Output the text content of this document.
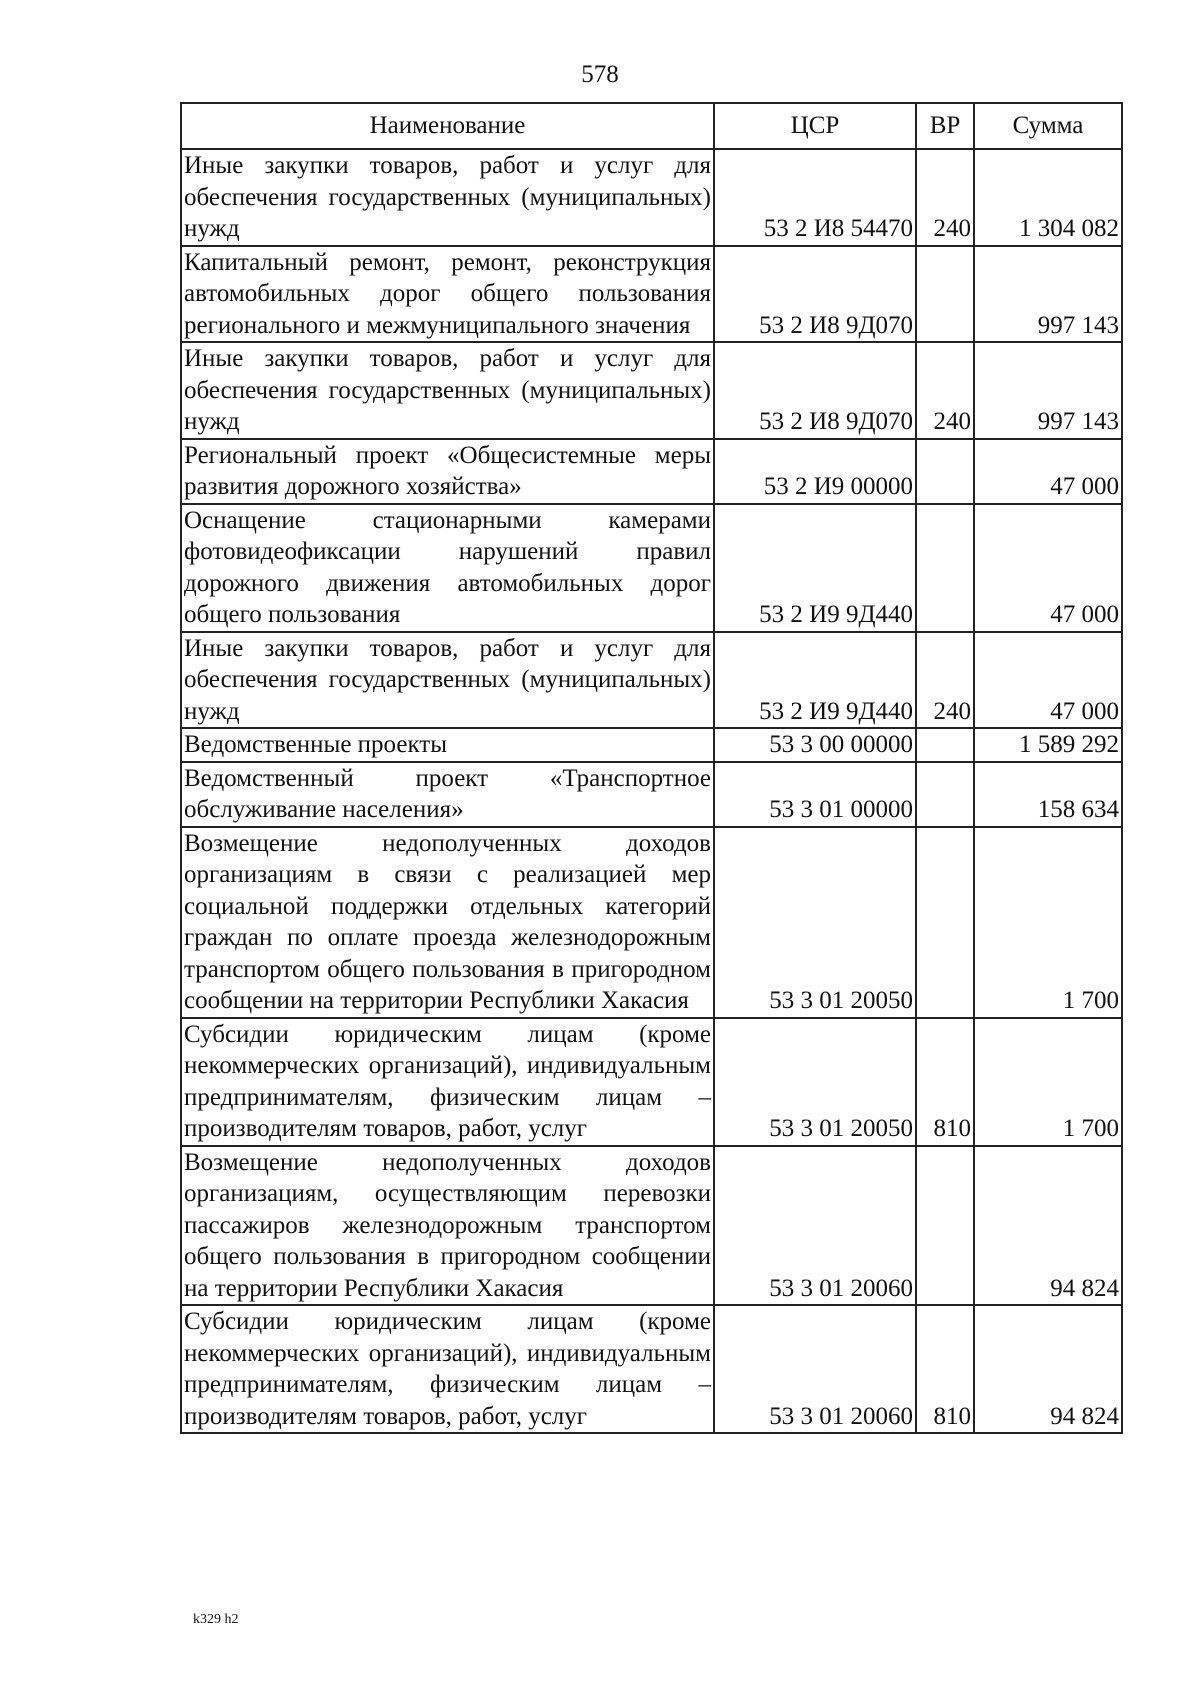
578
Наименование	ЦСР	ВР	Сумма
Иные закупки товаров, работ и услуг для обеспечения государственных (муниципальных) нужд	53 2 И8 54470	240	1 304 082
Капитальный ремонт, ремонт, реконструкция автомобильных дорог общего пользования регионального и межмуниципального значения	53 2 И8 9Д070		997 143
Иные закупки товаров, работ и услуг для обеспечения государственных (муниципальных) нужд	53 2 И8 9Д070	240	997 143
Региональный проект «Общесистемные меры развития дорожного хозяйства»	53 2 И9 00000		47 000
Оснащение стационарными камерами фотовидеофиксации нарушений правил дорожного движения автомобильных дорог общего пользования	53 2 И9 9Д440		47 000
Иные закупки товаров, работ и услуг для обеспечения государственных (муниципальных) нужд	53 2 И9 9Д440	240	47 000
Ведомственные проекты	53 3 00 00000		1 589 292
Ведомственный проект «Транспортное обслуживание населения»	53 3 01 00000		158 634
Возмещение недополученных доходов организациям в связи с реализацией мер социальной поддержки отдельных категорий граждан по оплате проезда железнодорожным транспортом общего пользования в пригородном сообщении на территории Республики Хакасия	53 3 01 20050		1 700
Субсидии юридическим лицам (кроме некоммерческих организаций), индивидуальным предпринимателям, физическим лицам – производителям товаров, работ, услуг	53 3 01 20050	810	1 700
Возмещение недополученных доходов организациям, осуществляющим перевозки пассажиров железнодорожным транспортом общего пользования в пригородном сообщении на территории Республики Хакасия	53 3 01 20060		94 824
Субсидии юридическим лицам (кроме некоммерческих организаций), индивидуальным предпринимателям, физическим лицам – производителям товаров, работ, услуг	53 3 01 20060	810	94 824
k329 h2
